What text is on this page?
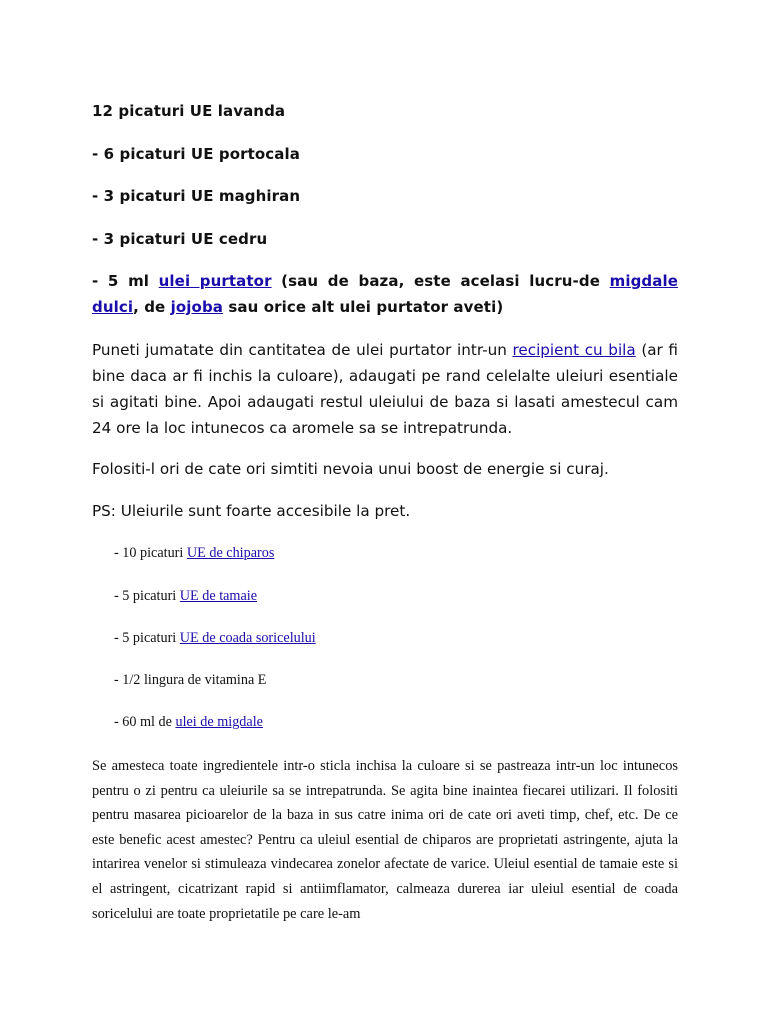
12 picaturi UE lavanda

- 6 picaturi UE portocala

- 3 picaturi UE maghiran

- 3 picaturi UE cedru

- 5 ml ulei purtator (sau de baza, este acelasi lucru-de migdale dulci, de jojoba sau orice alt ulei purtator aveti)

Puneti jumatate din cantitatea de ulei purtator intr-un recipient cu bila (ar fi bine daca ar fi inchis la culoare), adaugati pe rand celelalte uleiuri esentiale si agitati bine. Apoi adaugati restul uleiului de baza si lasati amestecul cam 24 ore la loc intunecos ca aromele sa se intrepatrunda.

Folositi-l ori de cate ori simtiti nevoia unui boost de energie si curaj.

PS: Uleiurile sunt foarte accesibile la pret.

- 10 picaturi UE de chiparos

- 5 picaturi UE de tamaie

- 5 picaturi UE de coada soricelului

- 1/2 lingura de vitamina E

- 60 ml de ulei de migdale

Se amesteca toate ingredientele intr-o sticla inchisa la culoare si se pastreaza intr-un loc intunecos pentru o zi pentru ca uleiurile sa se intrepatrunda. Se agita bine inaintea fiecarei utilizari. Il folositi pentru masarea picioarelor de la baza in sus catre inima ori de cate ori aveti timp, chef, etc. De ce este benefic acest amestec? Pentru ca uleiul esential de chiparos are proprietati astringente, ajuta la intarirea venelor si stimuleaza vindecarea zonelor afectate de varice. Uleiul esential de tamaie este si el astringent, cicatrizant rapid si antiimflamator, calmeaza durerea iar uleiul esential de coada soricelului are toate proprietatile pe care le-am
